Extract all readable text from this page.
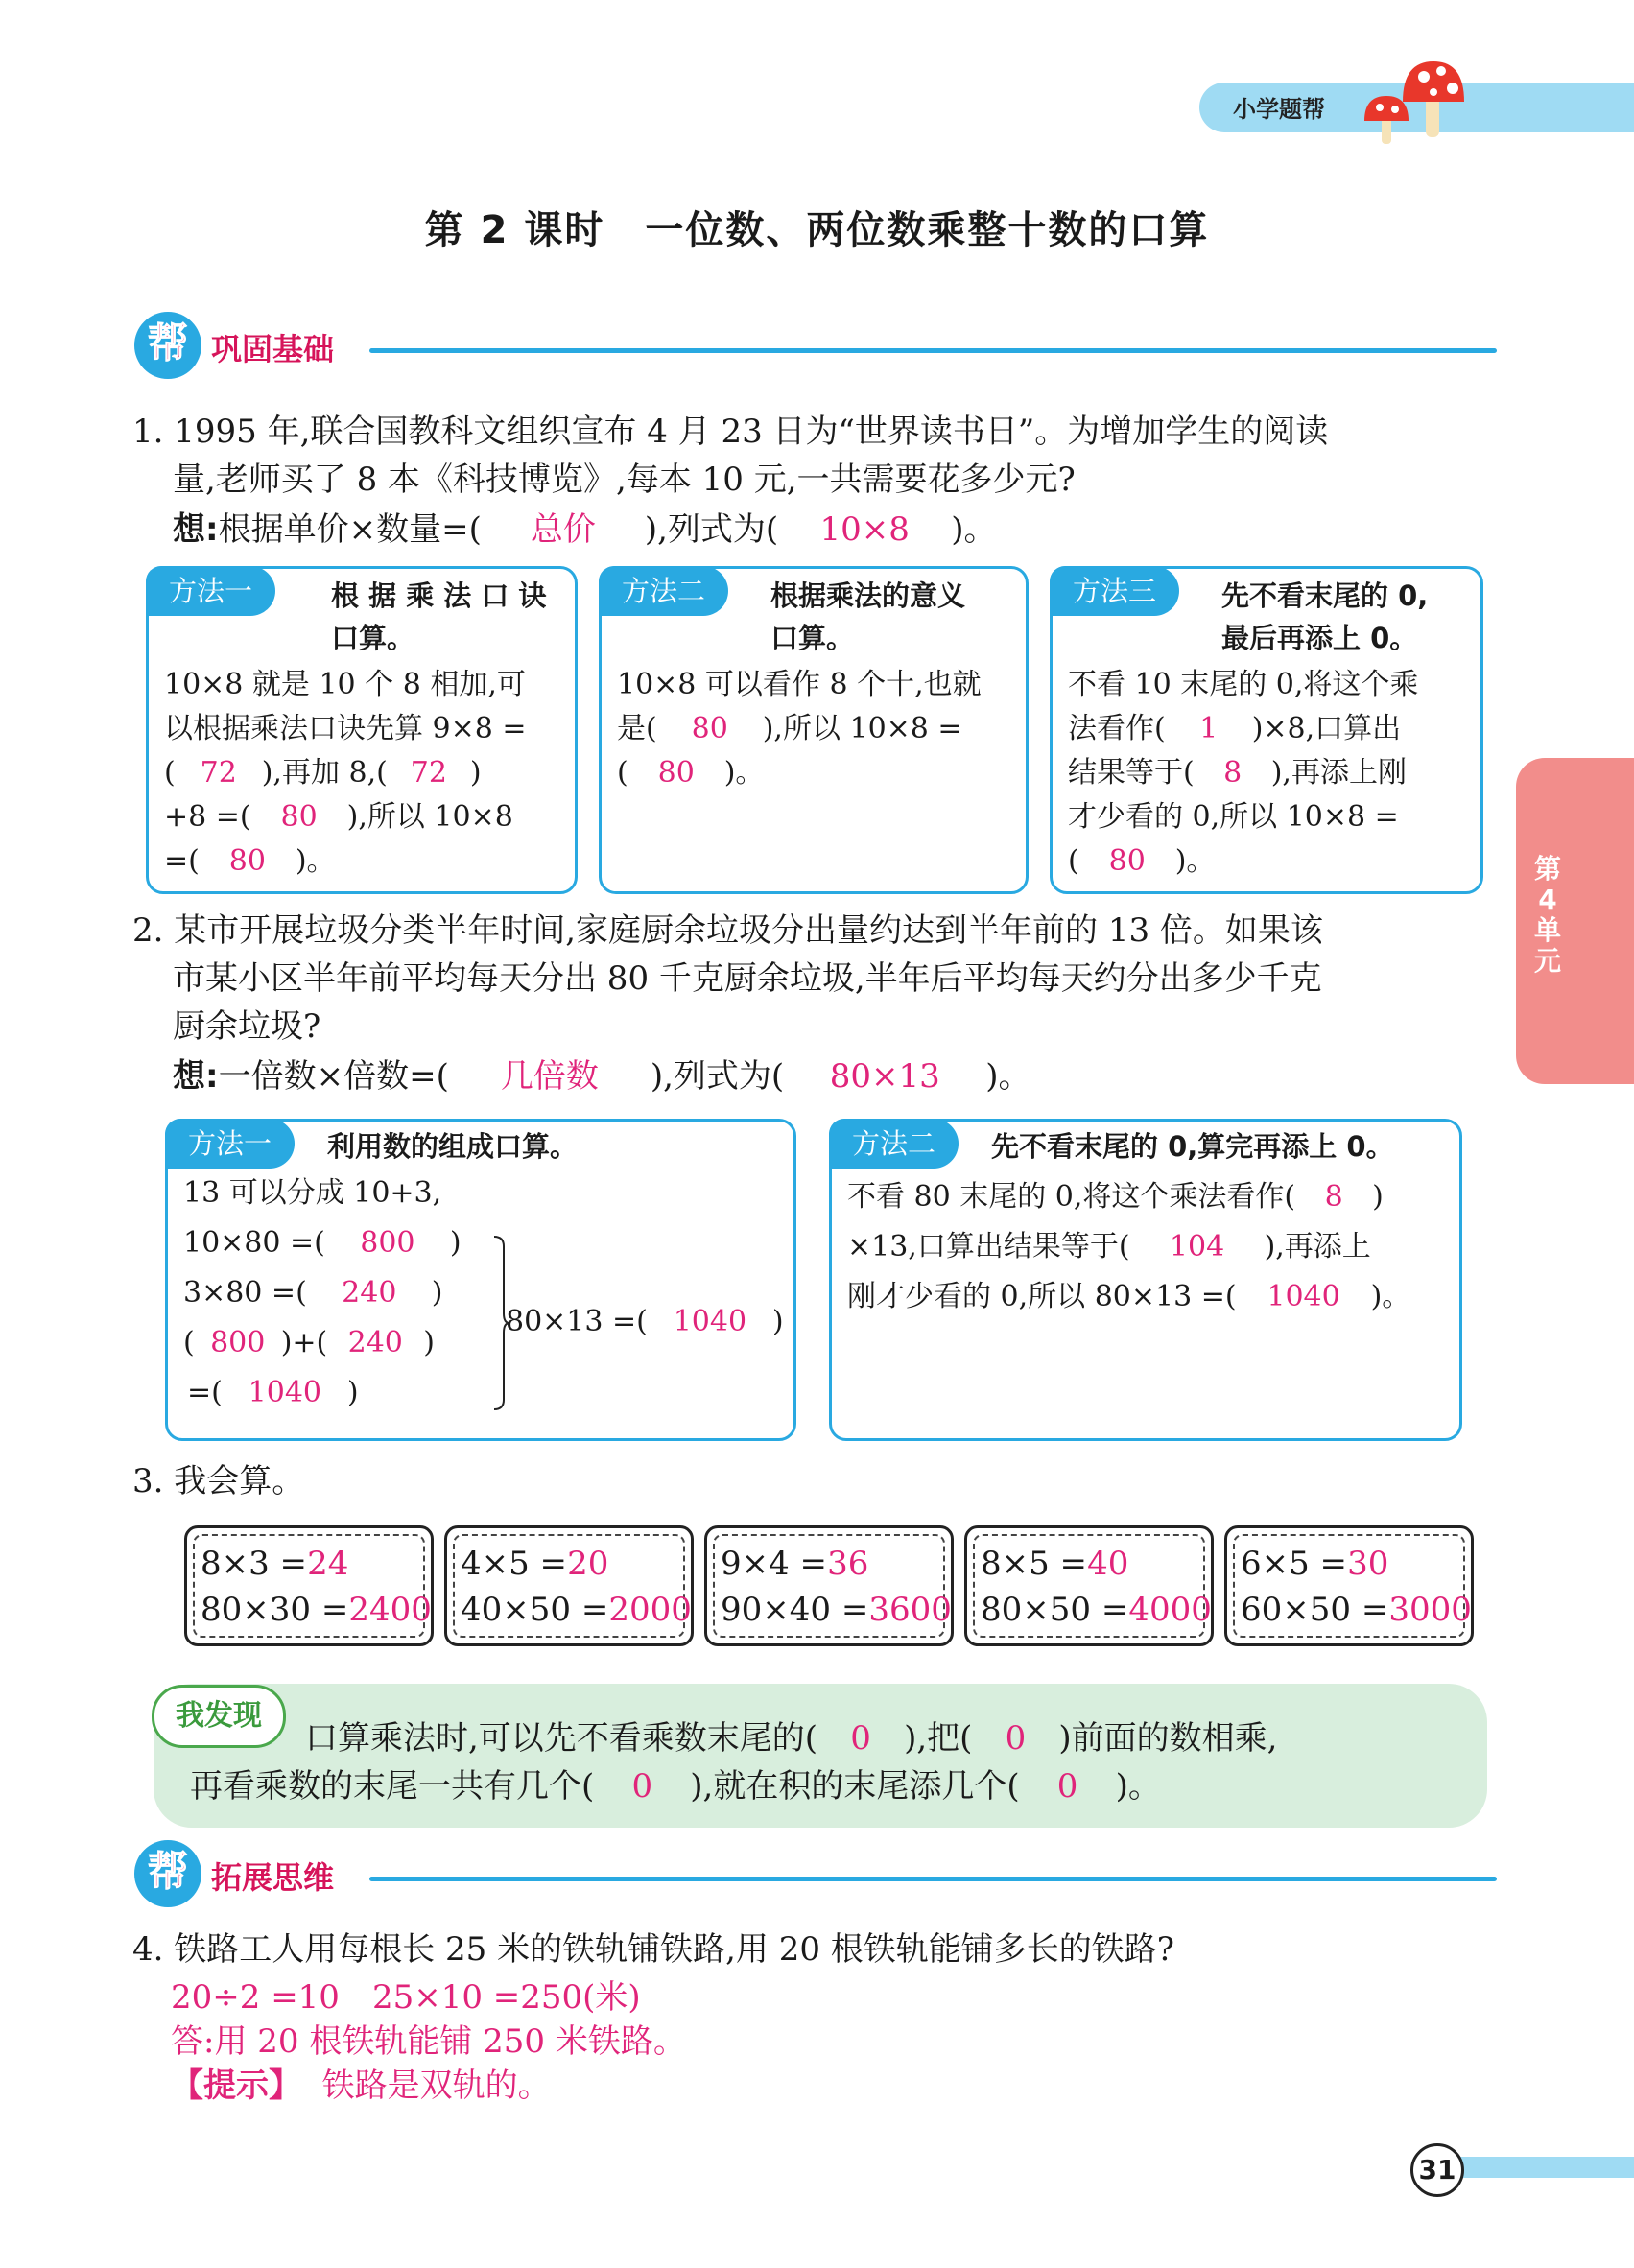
小学题帮
第 2 课时　一位数、两位数乘整十数的口算
帮 巩固基础
第4单元
1. 1995 年,联合国教科文组织宣布 4 月 23 日为“世界读书日”。为增加学生的阅读
量,老师买了 8 本《科技博览》,每本 10 元,一共需要花多少元?
想:根据单价×数量=( 总价 ),列式为( 10×8 )。
方法一	根 据 乘 法 口 诀
口算。
10×8 就是 10 个 8 相加,可
以根据乘法口诀先算 9×8 =
( 72 ),再加 8,( 72 )
+8 =( 80 ),所以 10×8
=( 80 )。
方法二	根据乘法的意义
口算。
10×8 可以看作 8 个十,也就
是( 80 ),所以 10×8 =
( 80 )。
方法三	先不看末尾的 0,
最后再添上 0。
不看 10 末尾的 0,将这个乘
法看作( 1 )×8,口算出
结果等于( 8 ),再添上刚
才少看的 0,所以 10×8 =
( 80 )。
2. 某市开展垃圾分类半年时间,家庭厨余垃圾分出量约达到半年前的 13 倍。如果该
市某小区半年前平均每天分出 80 千克厨余垃圾,半年后平均每天约分出多少千克
厨余垃圾?
想:一倍数×倍数=( 几倍数 ),列式为( 80×13 )。
方法一	利用数的组成口算。
13 可以分成 10+3,
10×80 =( 800 )
3×80 =( 240 )
( 800 )+( 240 )
=( 1040 )
80×13 =( 1040 )
方法二	先不看末尾的 0,算完再添上 0。
不看 80 末尾的 0,将这个乘法看作( 8 )
×13,口算出结果等于( 104 ),再添上
刚才少看的 0,所以 80×13 =( 1040 )。
3. 我会算。
8×3 =24
80×30 =2400
4×5 =20
40×50 =2000
9×4 =36
90×40 =3600
8×5 =40
80×50 =4000
6×5 =30
60×50 =3000
我发现
口算乘法时,可以先不看乘数末尾的( 0 ),把( 0 )前面的数相乘,
再看乘数的末尾一共有几个( 0 ),就在积的末尾添几个( 0 )。
帮 拓展思维
4. 铁路工人用每根长 25 米的铁轨铺铁路,用 20 根铁轨能铺多长的铁路?
20÷2 =10　25×10 =250(米)
答:用 20 根铁轨能铺 250 米铁路。
【提示】 铁路是双轨的。
31
